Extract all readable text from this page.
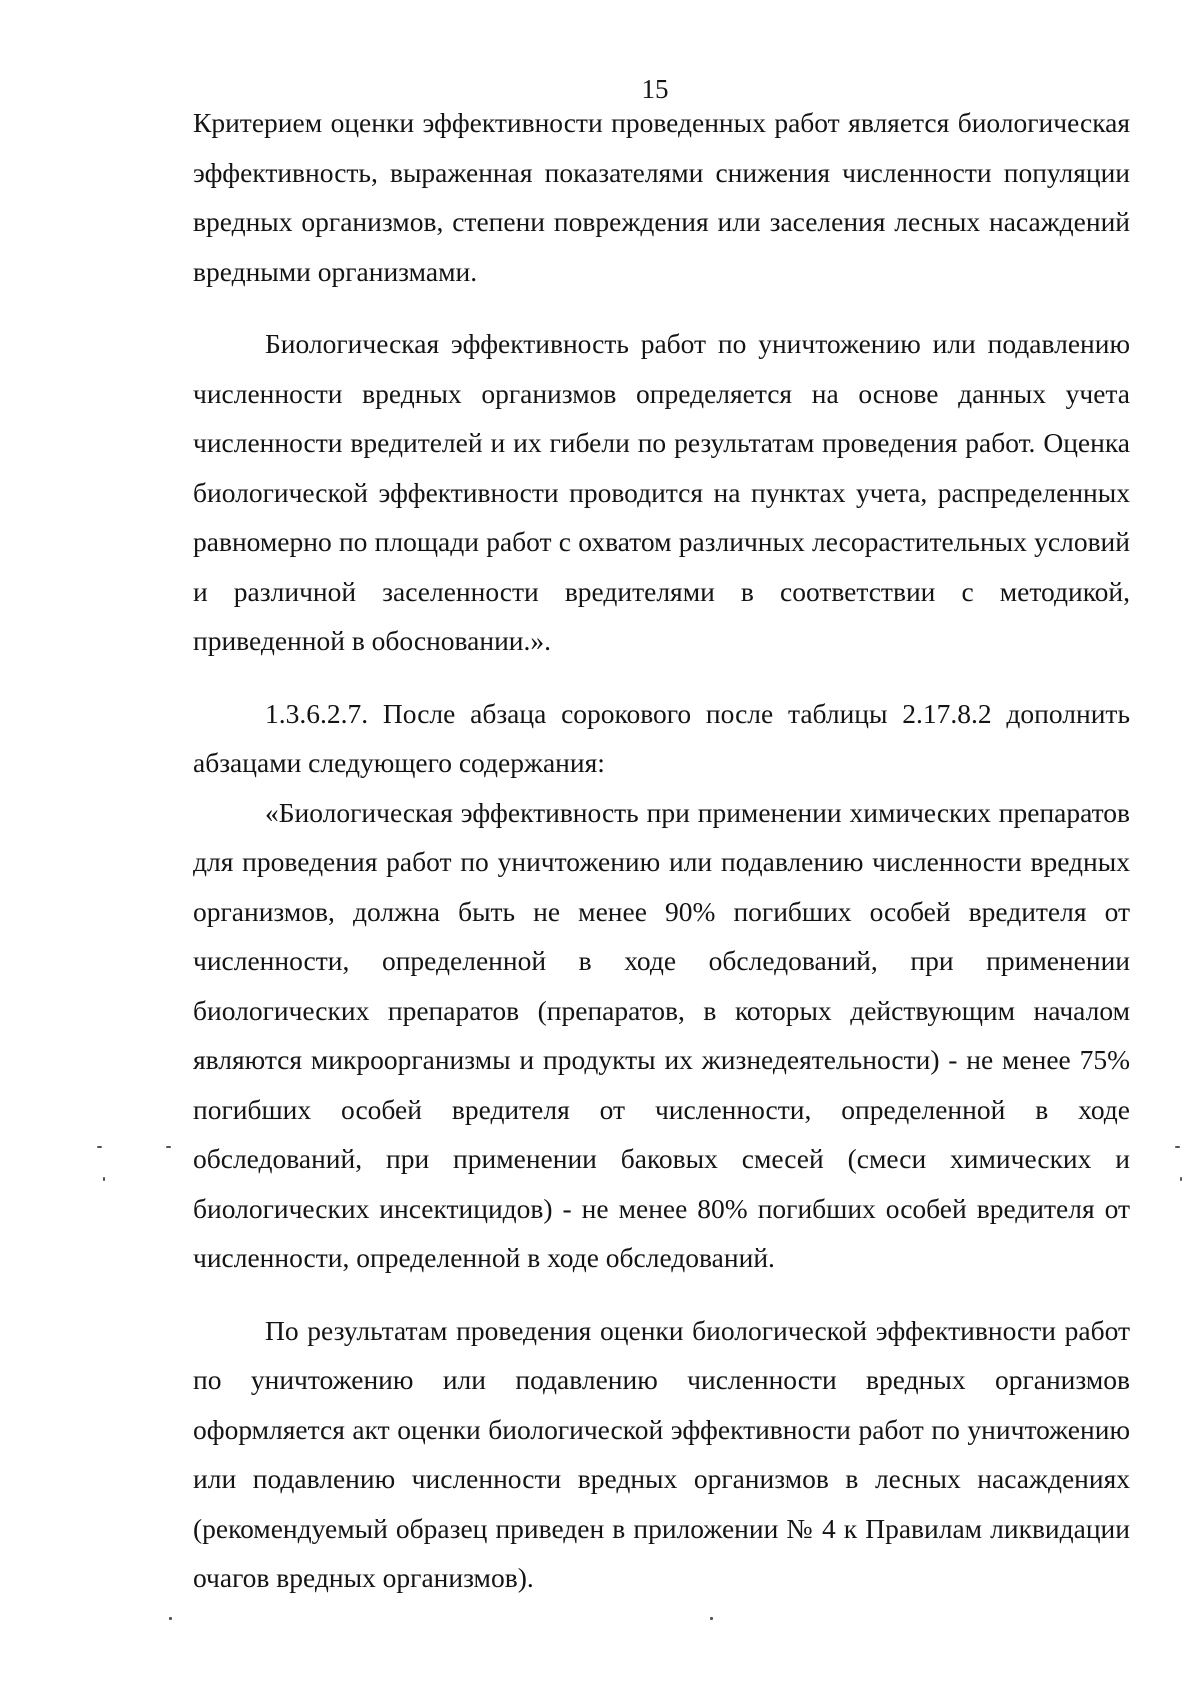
15

Критерием оценки эффективности проведенных работ является биологическая эффективность, выраженная показателями снижения численности популяции вредных организмов, степени повреждения или заселения лесных насаждений вредными организмами.

Биологическая эффективность работ по уничтожению или подавлению численности вредных организмов определяется на основе данных учета численности вредителей и их гибели по результатам проведения работ. Оценка биологической эффективности проводится на пунктах учета, распределенных равномерно по площади работ с охватом различных лесорастительных условий и различной заселенности вредителями в соответствии с методикой, приведенной в обосновании.».

1.3.6.2.7. После абзаца сорокового после таблицы 2.17.8.2 дополнить абзацами следующего содержания:

«Биологическая эффективность при применении химических препаратов для проведения работ по уничтожению или подавлению численности вредных организмов, должна быть не менее 90% погибших особей вредителя от численности, определенной в ходе обследований, при применении биологических препаратов (препаратов, в которых действующим началом являются микроорганизмы и продукты их жизнедеятельности) - не менее 75% погибших особей вредителя от численности, определенной в ходе обследований, при применении баковых смесей (смеси химических и биологических инсектицидов) - не менее 80% погибших особей вредителя от численности, определенной в ходе обследований.

По результатам проведения оценки биологической эффективности работ по уничтожению или подавлению численности вредных организмов оформляется акт оценки биологической эффективности работ по уничтожению или подавлению численности вредных организмов в лесных насаждениях (рекомендуемый образец приведен в приложении № 4 к Правилам ликвидации очагов вредных организмов).
